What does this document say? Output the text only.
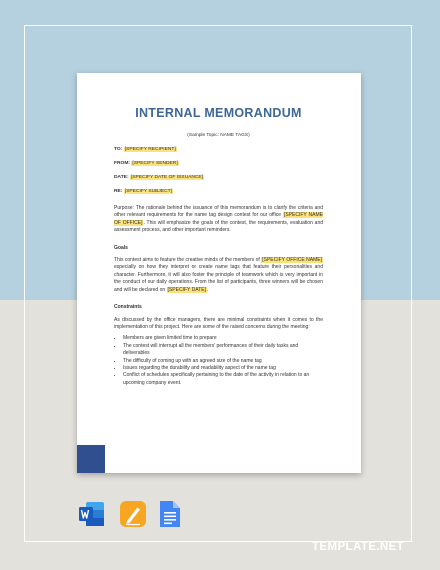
INTERNAL MEMORANDUM
(Sample Topic: NAME TAGS)
TO: [SPECIFY RECIPIENT]
FROM: [SPECIFY SENDER]
DATE: [SPECIFY DATE OF ISSUANCE]
RE: [SPECIFY SUBJECT]
Purpose: The rationale behind the issuance of this memorandum is to clarify the criteria and other relevant requirements for the name tag design contest for our office [SPECIFY NAME OF OFFICE]. This will emphasize the goals of the contest, the requirements, evaluation and assessment process, and other important reminders.
Goals
This contest aims to feature the creative minds of the members of [SPECIFY OFFICE NAME] especially on how they interpret or create name tags that feature their personalities and character. Furthermore, it will also foster the principle of teamwork which is very important in the conduct of our daily operations. From the list of participants, three winners will be chosen and will be declared on [SPECIFY DATE].
Constraints
As discussed by the office managers, there are minimal constraints when it comes to the implementation of this project. Here are some of the raised concerns during the meeting:
• Members are given limited time to prepare
• The contest will interrupt all the members' performances of their daily tasks and deliverables
• The difficulty of coming up with an agreed size of the name tag
• Issues regarding the durability and readability aspect of the name tag
• Conflict of schedules specifically pertaining to the date of the activity in relation to an upcoming company event.
TEMPLATE.NET
